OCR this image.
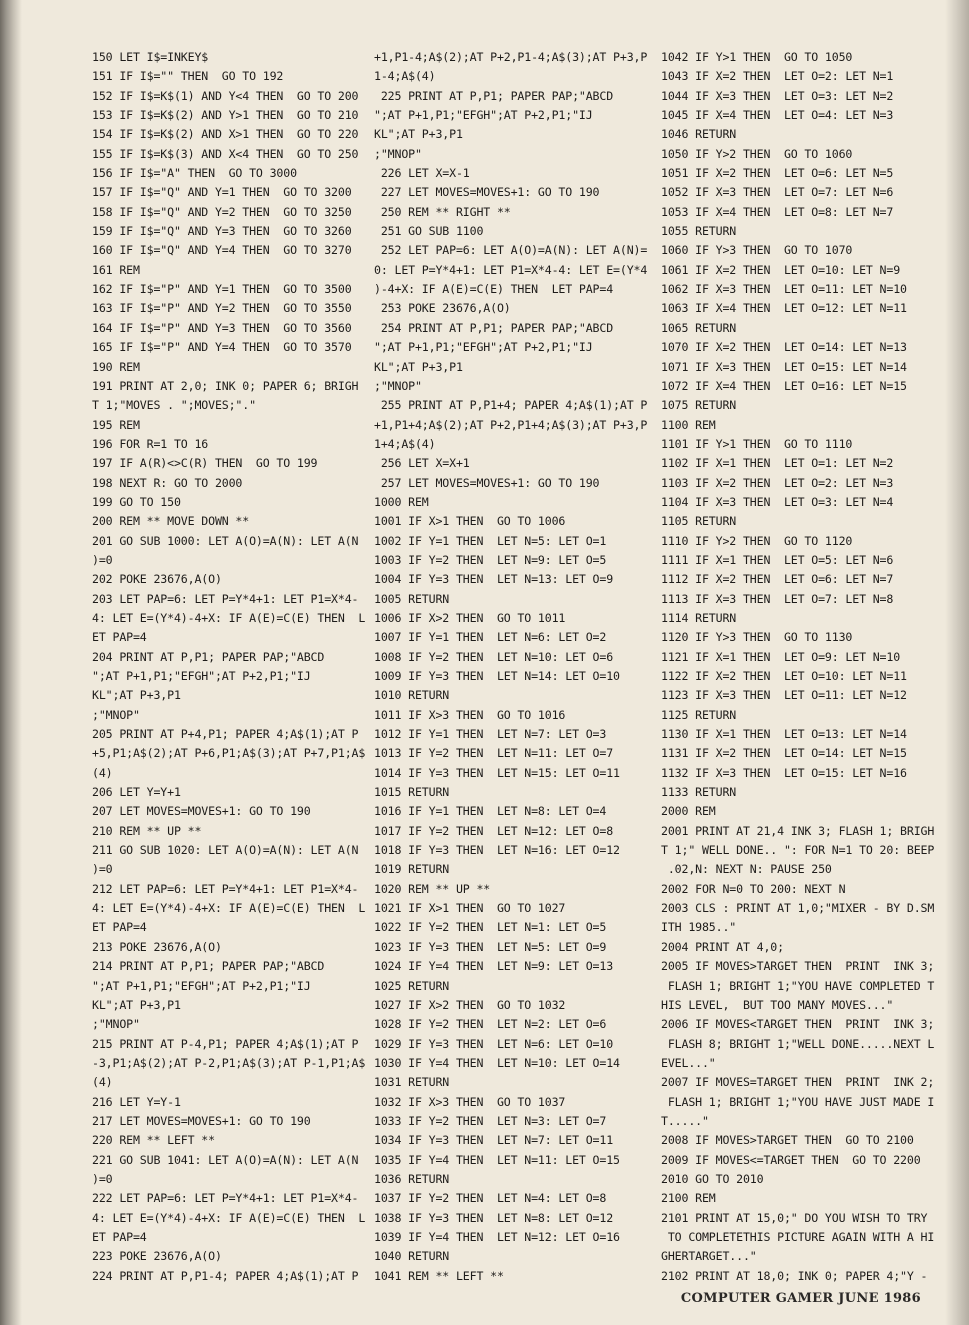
150 LET I$=INKEY$
151 IF I$="" THEN  GO TO 192
152 IF I$=K$(1) AND Y<4 THEN  GO TO 200
153 IF I$=K$(2) AND Y>1 THEN  GO TO 210
154 IF I$=K$(2) AND X>1 THEN  GO TO 220
155 IF I$=K$(3) AND X<4 THEN  GO TO 250
156 IF I$="A" THEN  GO TO 3000
157 IF I$="Q" AND Y=1 THEN  GO TO 3200
158 IF I$="Q" AND Y=2 THEN  GO TO 3250
159 IF I$="Q" AND Y=3 THEN  GO TO 3260
160 IF I$="Q" AND Y=4 THEN  GO TO 3270
161 REM
162 IF I$="P" AND Y=1 THEN  GO TO 3500
163 IF I$="P" AND Y=2 THEN  GO TO 3550
164 IF I$="P" AND Y=3 THEN  GO TO 3560
165 IF I$="P" AND Y=4 THEN  GO TO 3570
190 REM
191 PRINT AT 2,0; INK 0; PAPER 6; BRIGH
T 1;"MOVES . ";MOVES;"."
195 REM
196 FOR R=1 TO 16
197 IF A(R)<>C(R) THEN  GO TO 199
198 NEXT R: GO TO 2000
199 GO TO 150
200 REM ** MOVE DOWN **
201 GO SUB 1000: LET A(O)=A(N): LET A(N
)=0
202 POKE 23676,A(O)
203 LET PAP=6: LET P=Y*4+1: LET P1=X*4-
4: LET E=(Y*4)-4+X: IF A(E)=C(E) THEN  L
ET PAP=4
204 PRINT AT P,P1; PAPER PAP;"ABCD
";AT P+1,P1;"EFGH";AT P+2,P1;"IJ
KL";AT P+3,P1
;"MNOP"
205 PRINT AT P+4,P1; PAPER 4;A$(1);AT P
+5,P1;A$(2);AT P+6,P1;A$(3);AT P+7,P1;A$
(4)
206 LET Y=Y+1
207 LET MOVES=MOVES+1: GO TO 190
210 REM ** UP **
211 GO SUB 1020: LET A(O)=A(N): LET A(N
)=0
212 LET PAP=6: LET P=Y*4+1: LET P1=X*4-
4: LET E=(Y*4)-4+X: IF A(E)=C(E) THEN  L
ET PAP=4
213 POKE 23676,A(O)
214 PRINT AT P,P1; PAPER PAP;"ABCD
";AT P+1,P1;"EFGH";AT P+2,P1;"IJ
KL";AT P+3,P1
;"MNOP"
215 PRINT AT P-4,P1; PAPER 4;A$(1);AT P
-3,P1;A$(2);AT P-2,P1;A$(3);AT P-1,P1;A$
(4)
216 LET Y=Y-1
217 LET MOVES=MOVES+1: GO TO 190
220 REM ** LEFT **
221 GO SUB 1041: LET A(O)=A(N): LET A(N
)=0
222 LET PAP=6: LET P=Y*4+1: LET P1=X*4-
4: LET E=(Y*4)-4+X: IF A(E)=C(E) THEN  L
ET PAP=4
223 POKE 23676,A(O)
224 PRINT AT P,P1-4; PAPER 4;A$(1);AT P
+1,P1-4;A$(2);AT P+2,P1-4;A$(3);AT P+3,P
1-4;A$(4)
225 PRINT AT P,P1; PAPER PAP;"ABCD
";AT P+1,P1;"EFGH";AT P+2,P1;"IJ
KL";AT P+3,P1
;"MNOP"
226 LET X=X-1
227 LET MOVES=MOVES+1: GO TO 190
250 REM ** RIGHT **
251 GO SUB 1100
252 LET PAP=6: LET A(O)=A(N): LET A(N)=
0: LET P=Y*4+1: LET P1=X*4-4: LET E=(Y*4
)-4+X: IF A(E)=C(E) THEN  LET PAP=4
253 POKE 23676,A(O)
254 PRINT AT P,P1; PAPER PAP;"ABCD
";AT P+1,P1;"EFGH";AT P+2,P1;"IJ
KL";AT P+3,P1
;"MNOP"
255 PRINT AT P,P1+4; PAPER 4;A$(1);AT P
+1,P1+4;A$(2);AT P+2,P1+4;A$(3);AT P+3,P
1+4;A$(4)
256 LET X=X+1
257 LET MOVES=MOVES+1: GO TO 190
1000 REM
1001 IF X>1 THEN  GO TO 1006
1002 IF Y=1 THEN  LET N=5: LET O=1
1003 IF Y=2 THEN  LET N=9: LET O=5
1004 IF Y=3 THEN  LET N=13: LET O=9
1005 RETURN
1006 IF X>2 THEN  GO TO 1011
1007 IF Y=1 THEN  LET N=6: LET O=2
1008 IF Y=2 THEN  LET N=10: LET O=6
1009 IF Y=3 THEN  LET N=14: LET O=10
1010 RETURN
1011 IF X>3 THEN  GO TO 1016
1012 IF Y=1 THEN  LET N=7: LET O=3
1013 IF Y=2 THEN  LET N=11: LET O=7
1014 IF Y=3 THEN  LET N=15: LET O=11
1015 RETURN
1016 IF Y=1 THEN  LET N=8: LET O=4
1017 IF Y=2 THEN  LET N=12: LET O=8
1018 IF Y=3 THEN  LET N=16: LET O=12
1019 RETURN
1020 REM ** UP **
1021 IF X>1 THEN  GO TO 1027
1022 IF Y=2 THEN  LET N=1: LET O=5
1023 IF Y=3 THEN  LET N=5: LET O=9
1024 IF Y=4 THEN  LET N=9: LET O=13
1025 RETURN
1027 IF X>2 THEN  GO TO 1032
1028 IF Y=2 THEN  LET N=2: LET O=6
1029 IF Y=3 THEN  LET N=6: LET O=10
1030 IF Y=4 THEN  LET N=10: LET O=14
1031 RETURN
1032 IF X>3 THEN  GO TO 1037
1033 IF Y=2 THEN  LET N=3: LET O=7
1034 IF Y=3 THEN  LET N=7: LET O=11
1035 IF Y=4 THEN  LET N=11: LET O=15
1036 RETURN
1037 IF Y=2 THEN  LET N=4: LET O=8
1038 IF Y=3 THEN  LET N=8: LET O=12
1039 IF Y=4 THEN  LET N=12: LET O=16
1040 RETURN
1041 REM ** LEFT **
1042 IF Y>1 THEN  GO TO 1050
1043 IF X=2 THEN  LET O=2: LET N=1
1044 IF X=3 THEN  LET O=3: LET N=2
1045 IF X=4 THEN  LET O=4: LET N=3
1046 RETURN
1050 IF Y>2 THEN  GO TO 1060
1051 IF X=2 THEN  LET O=6: LET N=5
1052 IF X=3 THEN  LET O=7: LET N=6
1053 IF X=4 THEN  LET O=8: LET N=7
1055 RETURN
1060 IF Y>3 THEN  GO TO 1070
1061 IF X=2 THEN  LET O=10: LET N=9
1062 IF X=3 THEN  LET O=11: LET N=10
1063 IF X=4 THEN  LET O=12: LET N=11
1065 RETURN
1070 IF X=2 THEN  LET O=14: LET N=13
1071 IF X=3 THEN  LET O=15: LET N=14
1072 IF X=4 THEN  LET O=16: LET N=15
1075 RETURN
1100 REM
1101 IF Y>1 THEN  GO TO 1110
1102 IF X=1 THEN  LET O=1: LET N=2
1103 IF X=2 THEN  LET O=2: LET N=3
1104 IF X=3 THEN  LET O=3: LET N=4
1105 RETURN
1110 IF Y>2 THEN  GO TO 1120
1111 IF X=1 THEN  LET O=5: LET N=6
1112 IF X=2 THEN  LET O=6: LET N=7
1113 IF X=3 THEN  LET O=7: LET N=8
1114 RETURN
1120 IF Y>3 THEN  GO TO 1130
1121 IF X=1 THEN  LET O=9: LET N=10
1122 IF X=2 THEN  LET O=10: LET N=11
1123 IF X=3 THEN  LET O=11: LET N=12
1125 RETURN
1130 IF X=1 THEN  LET O=13: LET N=14
1131 IF X=2 THEN  LET O=14: LET N=15
1132 IF X=3 THEN  LET O=15: LET N=16
1133 RETURN
2000 REM
2001 PRINT AT 21,4 INK 3; FLASH 1; BRIGH
T 1;" WELL DONE.. ": FOR N=1 TO 20: BEEP
.02,N: NEXT N: PAUSE 250
2002 FOR N=0 TO 200: NEXT N
2003 CLS : PRINT AT 1,0;"MIXER - BY D.SM
ITH 1985.."
2004 PRINT AT 4,0;
2005 IF MOVES>TARGET THEN  PRINT  INK 3;
FLASH 1; BRIGHT 1;"YOU HAVE COMPLETED T
HIS LEVEL,  BUT TOO MANY MOVES..."
2006 IF MOVES<TARGET THEN  PRINT  INK 3;
FLASH 8; BRIGHT 1;"WELL DONE.....NEXT L
EVEL..."
2007 IF MOVES=TARGET THEN  PRINT  INK 2;
FLASH 1; BRIGHT 1;"YOU HAVE JUST MADE I
T....."
2008 IF MOVES>TARGET THEN  GO TO 2100
2009 IF MOVES<=TARGET THEN  GO TO 2200
2010 GO TO 2010
2100 REM
2101 PRINT AT 15,0;" DO YOU WISH TO TRY
TO COMPLETETHIS PICTURE AGAIN WITH A HI
GHERTARGET..."
2102 PRINT AT 18,0; INK 0; PAPER 4;"Y -
COMPUTER GAMER JUNE 1986
